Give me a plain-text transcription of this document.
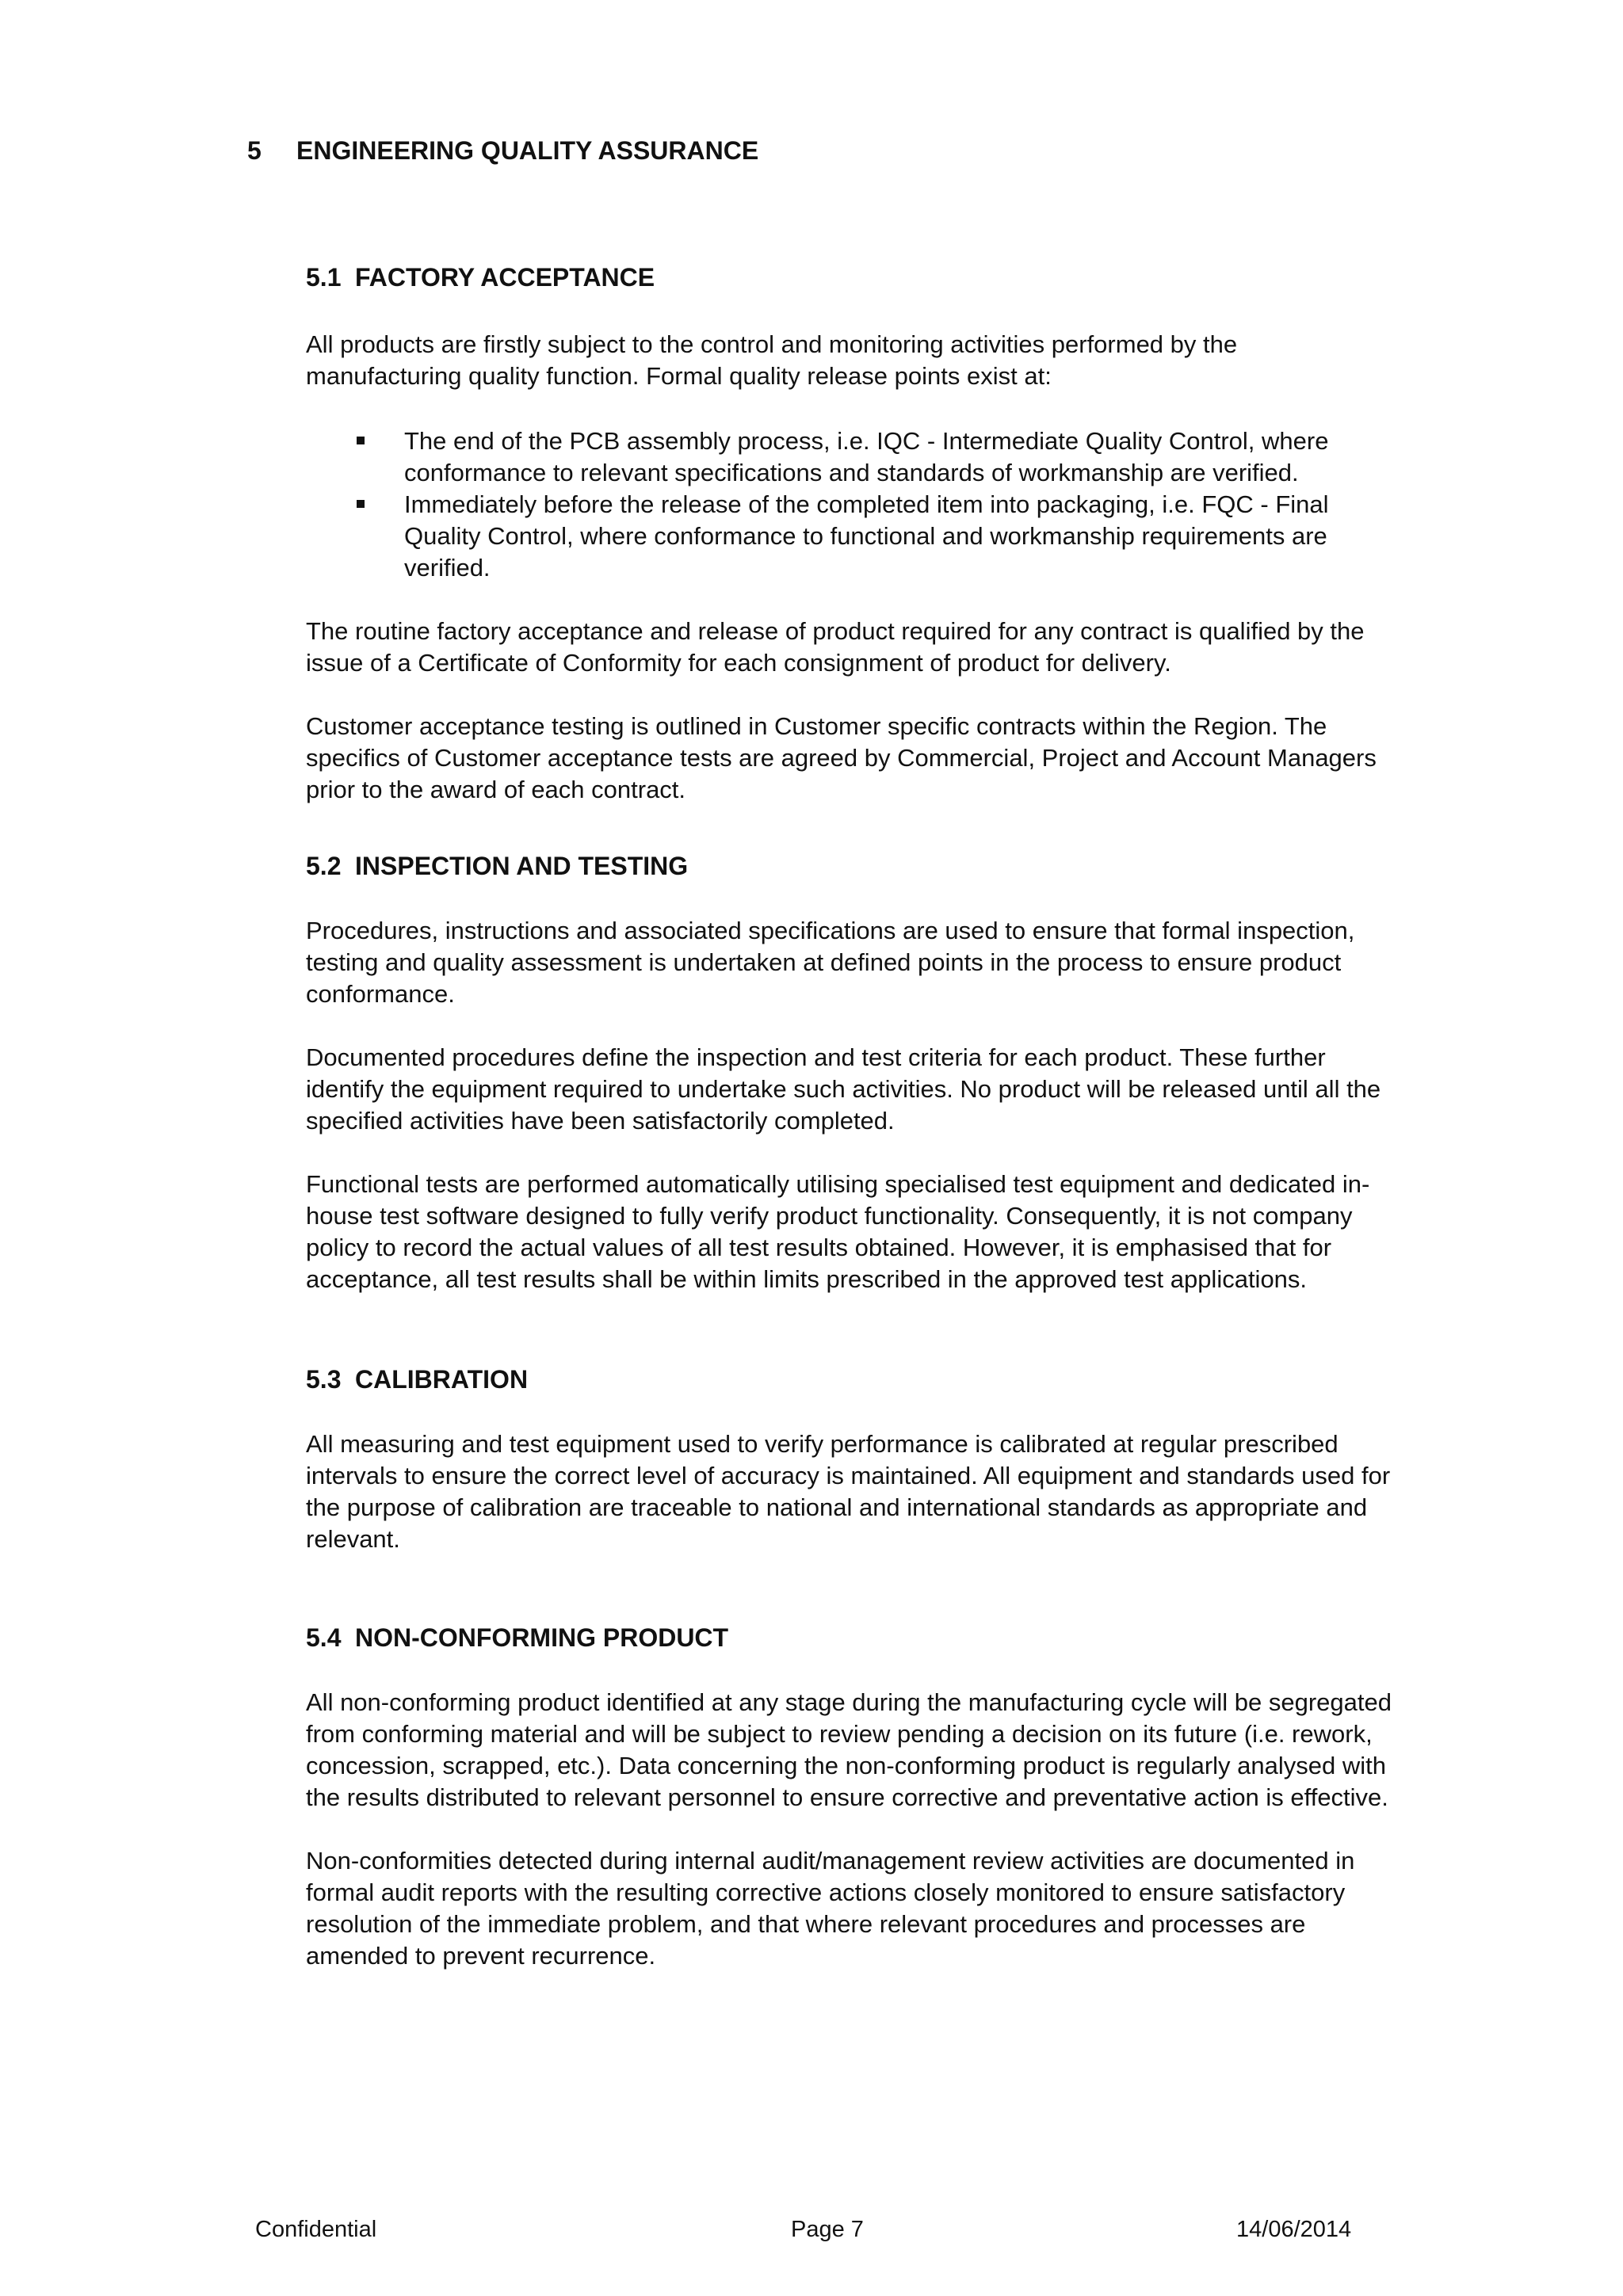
5 ENGINEERING QUALITY ASSURANCE
5.1 FACTORY ACCEPTANCE

All products are firstly subject to the control and monitoring activities performed by the manufacturing quality function. Formal quality release points exist at:

The end of the PCB assembly process, i.e. IQC - Intermediate Quality Control, where conformance to relevant specifications and standards of workmanship are verified.
Immediately before the release of the completed item into packaging, i.e. FQC - Final Quality Control, where conformance to functional and workmanship requirements are verified.

The routine factory acceptance and release of product required for any contract is qualified by the issue of a Certificate of Conformity for each consignment of product for delivery.

Customer acceptance testing is outlined in Customer specific contracts within the Region. The specifics of Customer acceptance tests are agreed by Commercial, Project and Account Managers prior to the award of each contract.

5.2 INSPECTION AND TESTING

Procedures, instructions and associated specifications are used to ensure that formal inspection, testing and quality assessment is undertaken at defined points in the process to ensure product conformance.

Documented procedures define the inspection and test criteria for each product. These further identify the equipment required to undertake such activities. No product will be released until all the specified activities have been satisfactorily completed.

Functional tests are performed automatically utilising specialised test equipment and dedicated in-house test software designed to fully verify product functionality. Consequently, it is not company policy to record the actual values of all test results obtained. However, it is emphasised that for acceptance, all test results shall be within limits prescribed in the approved test applications.

5.3 CALIBRATION

All measuring and test equipment used to verify performance is calibrated at regular prescribed intervals to ensure the correct level of accuracy is maintained. All equipment and standards used for the purpose of calibration are traceable to national and international standards as appropriate and relevant.

5.4 NON-CONFORMING PRODUCT

All non-conforming product identified at any stage during the manufacturing cycle will be segregated from conforming material and will be subject to review pending a decision on its future (i.e. rework, concession, scrapped, etc.). Data concerning the non-conforming product is regularly analysed with the results distributed to relevant personnel to ensure corrective and preventative action is effective.

Non-conformities detected during internal audit/management review activities are documented in formal audit reports with the resulting corrective actions closely monitored to ensure satisfactory resolution of the immediate problem, and that where relevant procedures and processes are amended to prevent recurrence.

Confidential	Page 7	14/06/2014
